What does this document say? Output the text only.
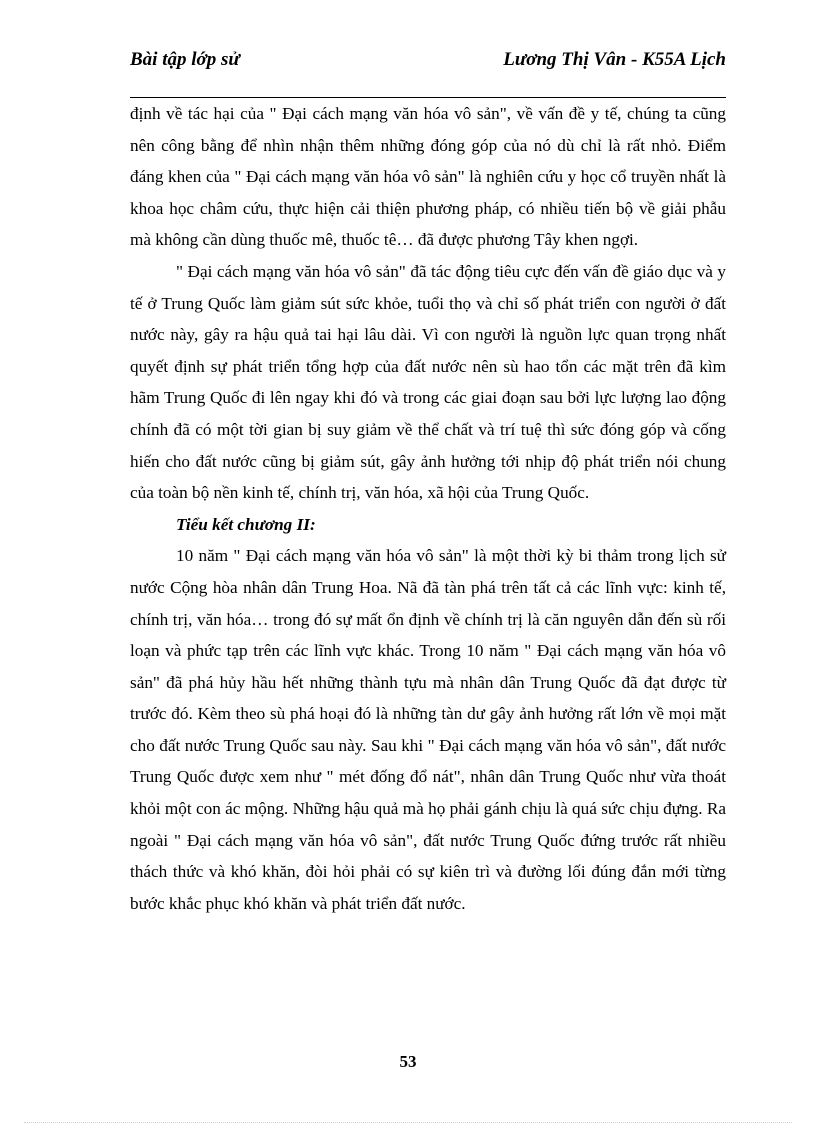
Bài tập lớp sử	Lương Thị Vân - K55A Lịch

định về tác hại của " Đại cách mạng văn hóa vô sản", về vấn đề y tế, chúng ta cũng nên công bằng để nhìn nhận thêm những đóng góp của nó dù chỉ là rất nhỏ. Điểm đáng khen của " Đại cách mạng văn hóa vô sản" là nghiên cứu y học cổ truyền nhất là khoa học châm cứu, thực hiện cải thiện phương pháp, có nhiều tiến bộ về giải phẫu mà không cần dùng thuốc mê, thuốc tê… đã được phương Tây khen ngợi.

" Đại cách mạng văn hóa vô sản" đã tác động tiêu cực đến vấn đề giáo dục và y tế ở Trung Quốc làm giảm sút sức khỏe, tuổi thọ và chỉ số phát triển con người ở đất nước này, gây ra hậu quả tai hại lâu dài. Vì con người là nguồn lực quan trọng nhất quyết định sự phát triển tổng hợp của đất nước nên sù hao tổn các mặt trên đã kìm hãm Trung Quốc đi lên ngay khi đó và trong các giai đoạn sau bởi lực lượng lao động chính đã có một tời gian bị suy giảm về thể chất và trí tuệ thì sức đóng góp và cống hiến cho đất nước cũng bị giảm sút, gây ảnh hưởng tới nhịp độ phát triển nói chung của toàn bộ nền kinh tế, chính trị, văn hóa, xã hội của Trung Quốc.

Tiểu kết chương II:

10 năm " Đại cách mạng văn hóa vô sản" là một thời kỳ bi thảm trong lịch sử nước Cộng hòa nhân dân Trung Hoa. Nã đã tàn phá trên tất cả các lĩnh vực: kinh tế, chính trị, văn hóa… trong đó sự mất ổn định về chính trị là căn nguyên dẫn đến sù rối loạn và phức tạp trên các lĩnh vực khác. Trong 10 năm " Đại cách mạng văn hóa vô sản" đã phá hủy hầu hết những thành tựu mà nhân dân Trung Quốc đã đạt được từ trước đó. Kèm theo sù phá hoại đó là những tàn dư gây ảnh hưởng rất lớn về mọi mặt cho đất nước Trung Quốc sau này. Sau khi " Đại cách mạng văn hóa vô sản", đất nước Trung Quốc được xem như " mét đống đổ nát", nhân dân Trung Quốc như vừa thoát khỏi một con ác mộng. Những hậu quả mà họ phải gánh chịu là quá sức chịu đựng. Ra ngoài " Đại cách mạng văn hóa vô sản", đất nước Trung Quốc đứng trước rất nhiều thách thức và khó khăn, đòi hỏi phải có sự kiên trì và đường lối đúng đắn mới từng bước khắc phục khó khăn và phát triển đất nước.

53
